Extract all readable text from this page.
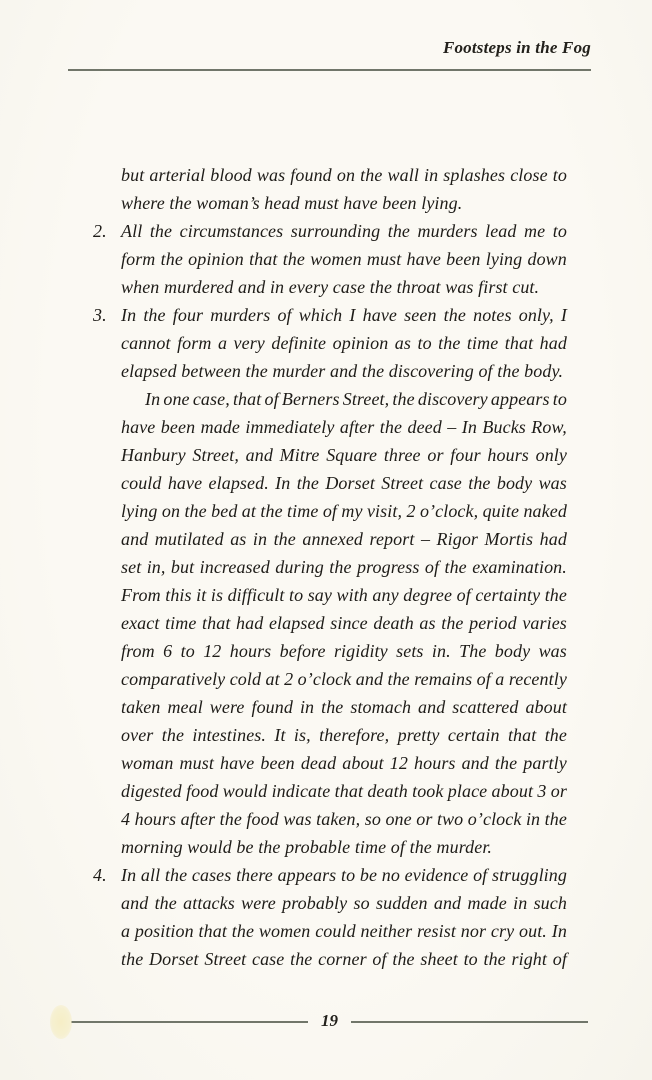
Footsteps in the Fog
but arterial blood was found on the wall in splashes close to
where the woman’s head must have been lying.
2. All the circumstances surrounding the murders lead me to
form the opinion that the women must have been lying down
when murdered and in every case the throat was first cut.
3. In the four murders of which I have seen the notes only, I
cannot form a very definite opinion as to the time that had
elapsed between the murder and the discovering of the body.
In one case, that of Berners Street, the discovery appears to
have been made immediately after the deed – In Bucks Row,
Hanbury Street, and Mitre Square three or four hours only
could have elapsed. In the Dorset Street case the body was
lying on the bed at the time of my visit, 2 o’clock, quite naked
and mutilated as in the annexed report – Rigor Mortis had
set in, but increased during the progress of the examination.
From this it is difficult to say with any degree of certainty the
exact time that had elapsed since death as the period varies
from 6 to 12 hours before rigidity sets in. The body was
comparatively cold at 2 o’clock and the remains of a recently
taken meal were found in the stomach and scattered about
over the intestines. It is, therefore, pretty certain that the
woman must have been dead about 12 hours and the partly
digested food would indicate that death took place about 3 or
4 hours after the food was taken, so one or two o’clock in the
morning would be the probable time of the murder.
4. In all the cases there appears to be no evidence of struggling
and the attacks were probably so sudden and made in such
a position that the women could neither resist nor cry out. In
the Dorset Street case the corner of the sheet to the right of
19
